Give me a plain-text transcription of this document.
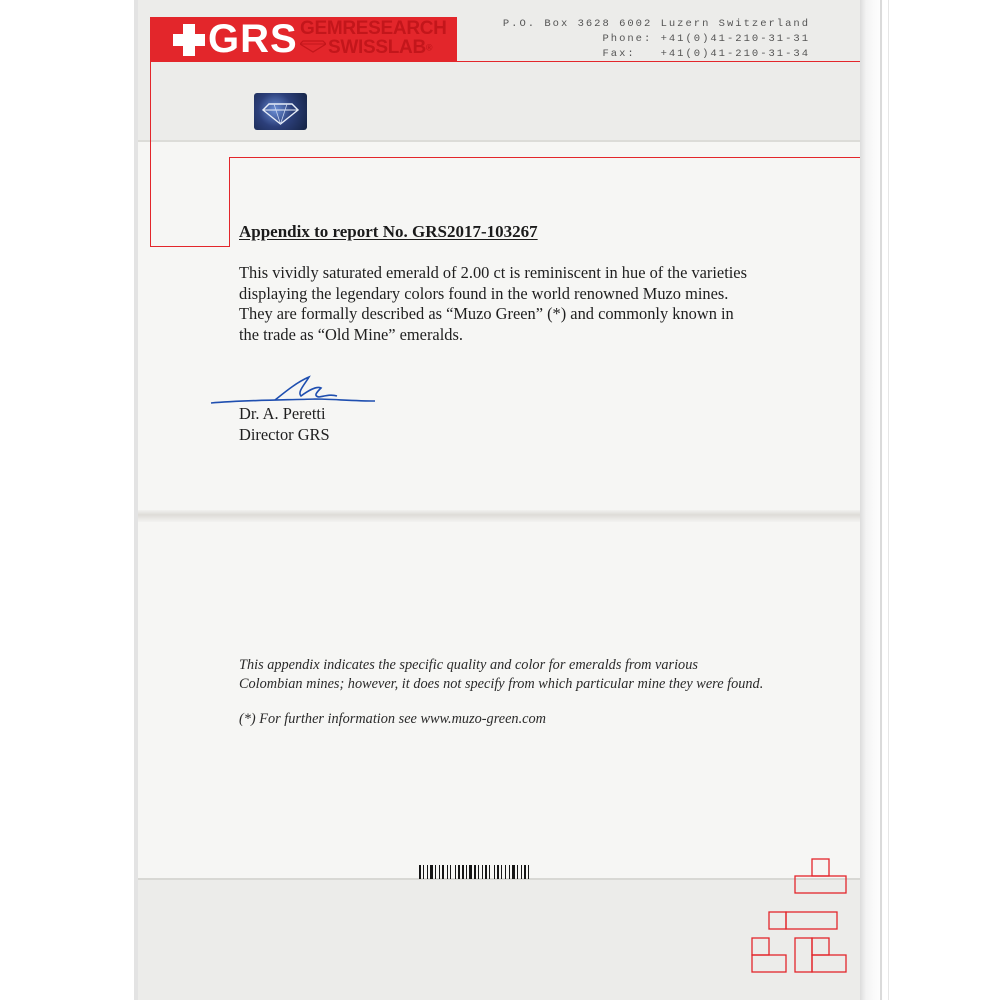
GRS GEMRESEARCH
SWISSLAB®
P.O. Box 3628 6002 Luzern Switzerland
Phone: +41(0)41-210-31-31
Fax:   +41(0)41-210-31-34
Appendix to report No. GRS2017-103267
This vividly saturated emerald of 2.00 ct is reminiscent in hue of the varieties
displaying the legendary colors found in the world renowned Muzo mines.
They are formally described as “Muzo Green” (*) and commonly known in
the trade as “Old Mine” emeralds.
Dr. A. Peretti
Director GRS
This appendix indicates the specific quality and color for emeralds from various
Colombian mines; however, it does not specify from which particular mine they were found.
(*) For further information see www.muzo-green.com
